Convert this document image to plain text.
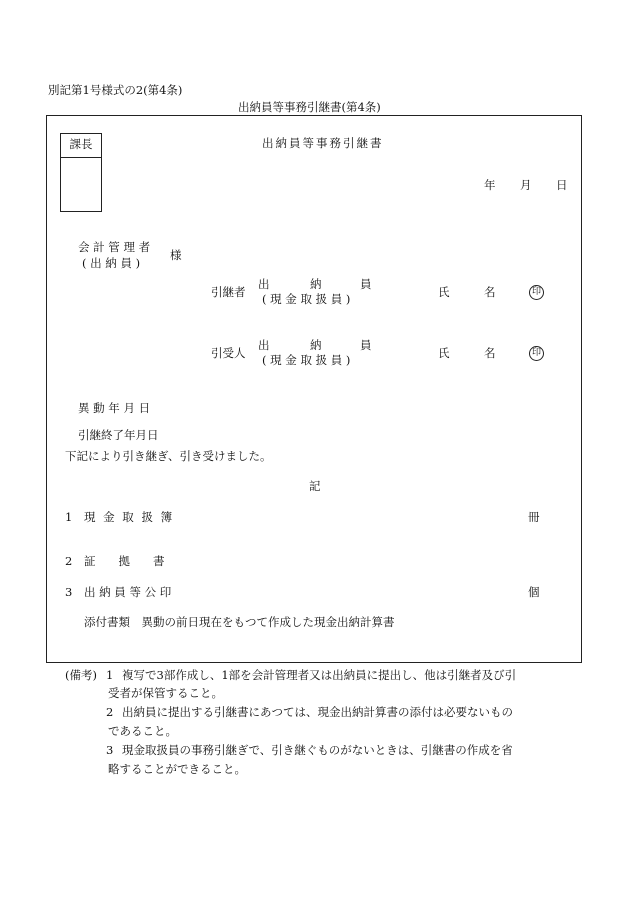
別記第1号様式の2(第4条)
出納員等事務引継書(第4条)
課長	出納員等事務引継書
年 月 日
会 計 管 理 者
( 出 納 員 )
様
引継者
出	納	員
( 現 金 取 扱 員 )	氏	名	印
引受人
出	納	員
( 現 金 取 扱 員 )	氏	名	印
異 動 年 月 日
引継終了年月日
下記により引き継ぎ、引き受けました。
記
1 現 金 取 扱 簿	冊
2 証　　拠　　書
3 出 納 員 等 公 印	個
添付書類　異動の前日現在をもつて作成した現金出納計算書
(備考) 1 複写で3部作成し、1部を会計管理者又は出納員に提出し、他は引継者及び引
受者が保管すること。
2 出納員に提出する引継書にあつては、現金出納計算書の添付は必要ないもの
であること。
3 現金取扱員の事務引継ぎで、引き継ぐものがないときは、引継書の作成を省
略することができること。
